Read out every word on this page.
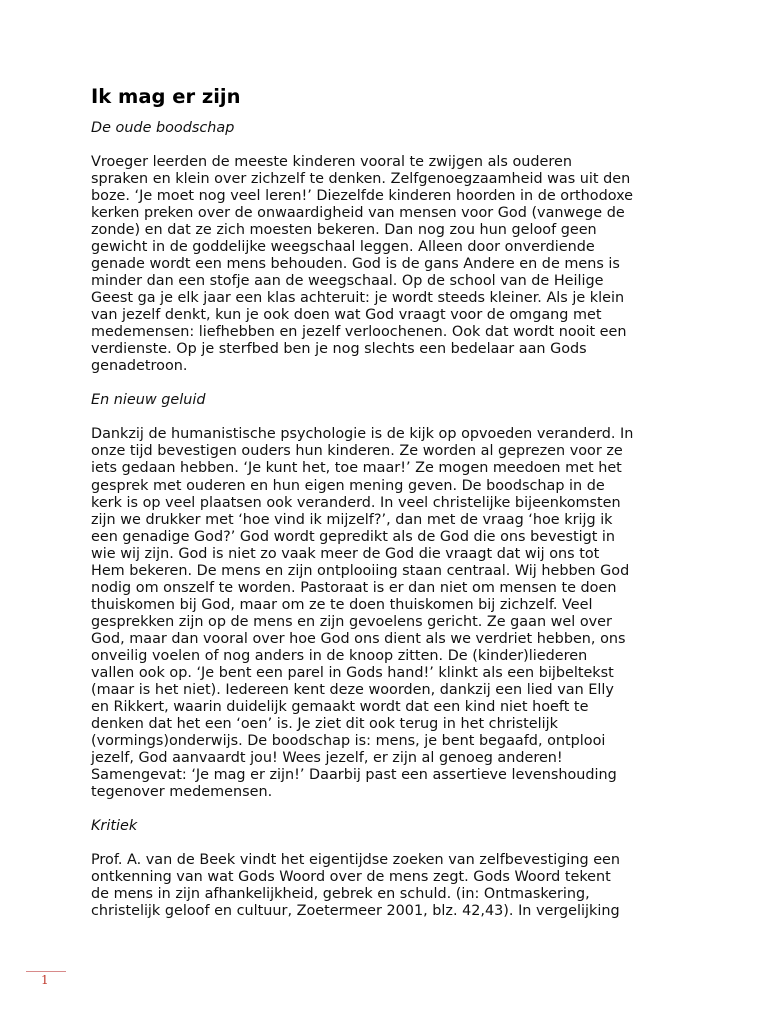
Ik mag er zijn
De oude boodschap

Vroeger leerden de meeste kinderen vooral te zwijgen als ouderen
spraken en klein over zichzelf te denken. Zelfgenoegzaamheid was uit den
boze. ‘Je moet nog veel leren!’ Diezelfde kinderen hoorden in de orthodoxe
kerken preken over de onwaardigheid van mensen voor God (vanwege de
zonde) en dat ze zich moesten bekeren. Dan nog zou hun geloof geen
gewicht in de goddelijke weegschaal leggen. Alleen door onverdiende
genade wordt een mens behouden. God is de gans Andere en de mens is
minder dan een stofje aan de weegschaal. Op de school van de Heilige
Geest ga je elk jaar een klas achteruit: je wordt steeds kleiner. Als je klein
van jezelf denkt, kun je ook doen wat God vraagt voor de omgang met
medemensen: liefhebben en jezelf verloochenen. Ook dat wordt nooit een
verdienste. Op je sterfbed ben je nog slechts een bedelaar aan Gods
genadetroon.

En nieuw geluid

Dankzij de humanistische psychologie is de kijk op opvoeden veranderd. In
onze tijd bevestigen ouders hun kinderen. Ze worden al geprezen voor ze
iets gedaan hebben. ‘Je kunt het, toe maar!’ Ze mogen meedoen met het
gesprek met ouderen en hun eigen mening geven. De boodschap in de
kerk is op veel plaatsen ook veranderd. In veel christelijke bijeenkomsten
zijn we drukker met ‘hoe vind ik mijzelf?’, dan met de vraag ‘hoe krijg ik
een genadige God?’ God wordt gepredikt als de God die ons bevestigt in
wie wij zijn. God is niet zo vaak meer de God die vraagt dat wij ons tot
Hem bekeren. De mens en zijn ontplooiing staan centraal. Wij hebben God
nodig om onszelf te worden. Pastoraat is er dan niet om mensen te doen
thuiskomen bij God, maar om ze te doen thuiskomen bij zichzelf. Veel
gesprekken zijn op de mens en zijn gevoelens gericht. Ze gaan wel over
God, maar dan vooral over hoe God ons dient als we verdriet hebben, ons
onveilig voelen of nog anders in de knoop zitten. De (kinder)liederen
vallen ook op. ‘Je bent een parel in Gods hand!’ klinkt als een bijbeltekst
(maar is het niet). Iedereen kent deze woorden, dankzij een lied van Elly
en Rikkert, waarin duidelijk gemaakt wordt dat een kind niet hoeft te
denken dat het een ‘oen’ is. Je ziet dit ook terug in het christelijk
(vormings)onderwijs. De boodschap is: mens, je bent begaafd, ontplooi
jezelf, God aanvaardt jou! Wees jezelf, er zijn al genoeg anderen!
Samengevat: ‘Je mag er zijn!’ Daarbij past een assertieve levenshouding
tegenover medemensen.

Kritiek

Prof. A. van de Beek vindt het eigentijdse zoeken van zelfbevestiging een
ontkenning van wat Gods Woord over de mens zegt. Gods Woord tekent
de mens in zijn afhankelijkheid, gebrek en schuld. (in: Ontmaskering,
christelijk geloof en cultuur, Zoetermeer 2001, blz. 42,43). In vergelijking

1
